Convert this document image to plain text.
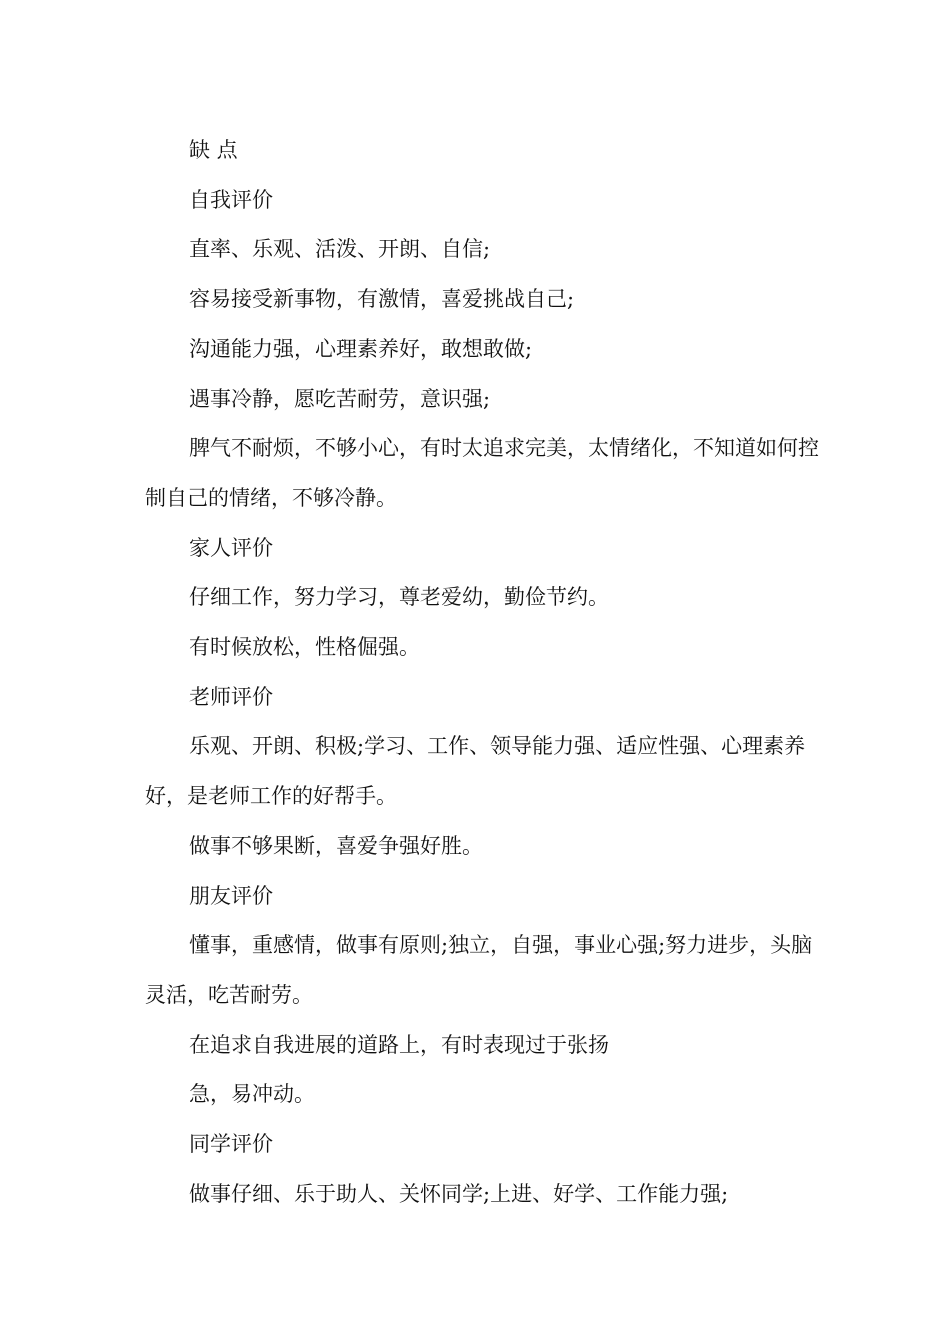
缺 点

自我评价

直率、乐观、活泼、开朗、自信;

容易接受新事物，有激情，喜爱挑战自己;

沟通能力强，心理素养好，敢想敢做;

遇事冷静，愿吃苦耐劳，意识强;

脾气不耐烦，不够小心，有时太追求完美，太情绪化，不知道如何控制自己的情绪，不够冷静。

家人评价

仔细工作，努力学习，尊老爱幼，勤俭节约。

有时候放松，性格倔强。

老师评价

乐观、开朗、积极;学习、工作、领导能力强、适应性强、心理素养好，是老师工作的好帮手。

做事不够果断，喜爱争强好胜。

朋友评价

懂事，重感情，做事有原则;独立，自强，事业心强;努力进步，头脑灵活，吃苦耐劳。

在追求自我进展的道路上，有时表现过于张扬

急，易冲动。

同学评价

做事仔细、乐于助人、关怀同学;上进、好学、工作能力强;
